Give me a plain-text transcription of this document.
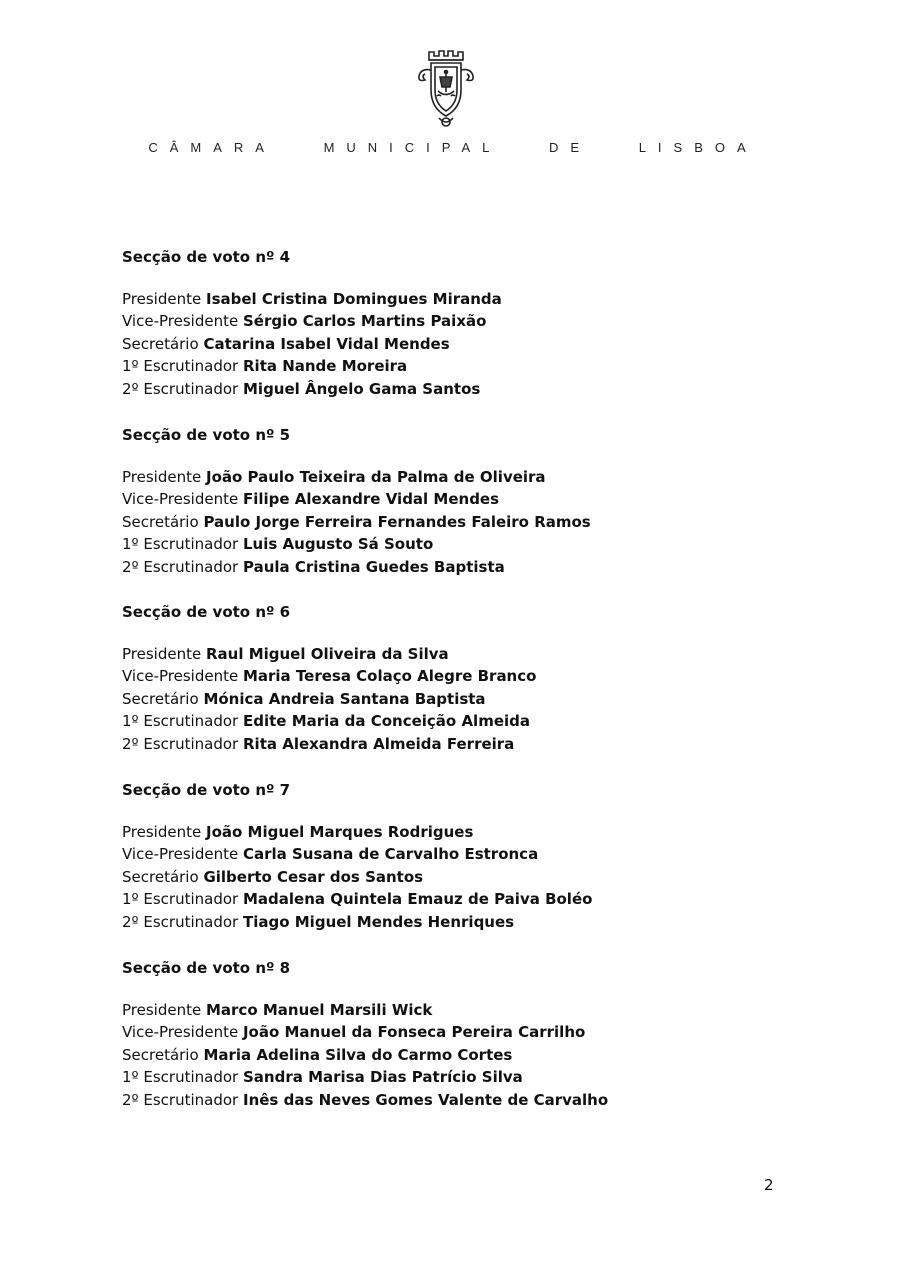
CÂMARA	MUNICIPAL	DE	LISBOA
Secção de voto nº 4
Presidente Isabel Cristina Domingues Miranda
Vice-Presidente Sérgio Carlos Martins Paixão
Secretário Catarina Isabel Vidal Mendes
1º Escrutinador Rita Nande Moreira
2º Escrutinador Miguel Ângelo Gama Santos
Secção de voto nº 5
Presidente João Paulo Teixeira da Palma de Oliveira
Vice-Presidente Filipe Alexandre Vidal Mendes
Secretário Paulo Jorge Ferreira Fernandes Faleiro Ramos
1º Escrutinador Luis Augusto Sá Souto
2º Escrutinador Paula Cristina Guedes Baptista
Secção de voto nº 6
Presidente Raul Miguel Oliveira da Silva
Vice-Presidente Maria Teresa Colaço Alegre Branco
Secretário Mónica Andreia Santana Baptista
1º Escrutinador Edite Maria da Conceição Almeida
2º Escrutinador Rita Alexandra Almeida Ferreira
Secção de voto nº 7
Presidente João Miguel Marques Rodrigues
Vice-Presidente Carla Susana de Carvalho Estronca
Secretário Gilberto Cesar dos Santos
1º Escrutinador Madalena Quintela Emauz de Paiva Boléo
2º Escrutinador Tiago Miguel Mendes Henriques
Secção de voto nº 8
Presidente Marco Manuel Marsili Wick
Vice-Presidente João Manuel da Fonseca Pereira Carrilho
Secretário Maria Adelina Silva do Carmo Cortes
1º Escrutinador Sandra Marisa Dias Patrício Silva
2º Escrutinador Inês das Neves Gomes Valente de Carvalho
2
